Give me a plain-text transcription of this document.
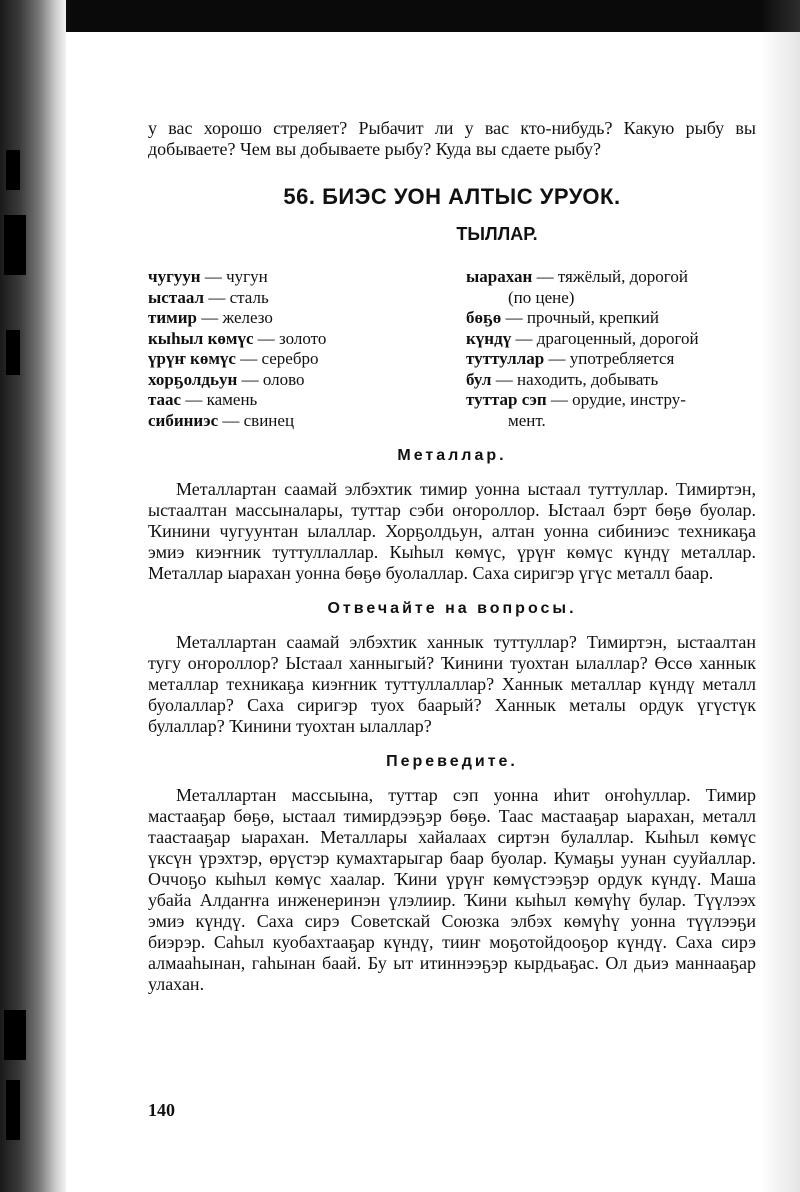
у вас хорошо стреляет? Рыбачит ли у вас кто-нибудь? Какую рыбу вы добываете? Чем вы добываете рыбу? Куда вы сдаете рыбу?

56. БИЭС УОН АЛТЫС УРУОК.
ТЫЛЛАР.
чугуун — чугун
ыстаал — сталь
тимир — железо
кыһыл көмүс — золото
үрүҥ көмүс — серебро
хорҕолдьун — олово
таас — камень
сибиниэс — свинец
ыарахан — тяжёлый, дорогой
(по цене)
бөҕө — прочный, крепкий
күндү — драгоценный, дорогой
туттуллар — употребляется
бул — находить, добывать
туттар сэп — орудие, инстру-
мент.
Металлар.

Металлартан саамай элбэхтик тимир уонна ыстаал туттуллар. Тимиртэн, ыстаалтан массыналары, туттар сэби оҥороллор. Ыстаал бэрт бөҕө буолар. Ҡинини чугуунтан ылаллар. Хорҕолдьун, алтан уонна сибиниэс техникаҕа эмиэ киэҥник туттуллаллар. Кыһыл көмүс, үрүҥ көмүс күндү металлар. Металлар ыарахан уонна бөҕө буолаллар. Саха сиригэр үгүс металл баар.

Отвечайте на вопросы.

Металлартан саамай элбэхтик ханнык туттуллар? Тимиртэн, ыстаалтан тугу оҥороллор? Ыстаал ханныгый? Ҡинини туохтан ылаллар? Өссө ханнык металлар техникаҕа киэҥник туттуллаллар? Ханнык металлар күндү металл буолаллар? Саха сиригэр туох баарый? Ханнык металы ордук үгүстүк булаллар? Ҡинини туохтан ылаллар?

Переведите.

Металлартан массыына, туттар сэп уонна иһит оҥоһуллар. Тимир мастааҕар бөҕө, ыстаал тимирдээҕэр бөҕө. Таас мастааҕар ыарахан, металл таастааҕар ыарахан. Металлары хайалаах сиртэн булаллар. Кыһыл көмүс үксүн үрэхтэр, өрүстэр кумахтарыгар баар буолар. Кумаҕы уунан сууйаллар. Оччоҕо кыһыл көмүс хаалар. Ҡини үрүҥ көмүстээҕэр ордук күндү. Маша убайа Алдаҥҥа инженеринэн үлэлиир. Ҡини кыһыл көмүһү булар. Түүлээх эмиэ күндү. Саха сирэ Советскай Союзка элбэх көмүһү уонна түүлээҕи биэрэр. Саһыл куобахтааҕар күндү, тииҥ моҕотойдооҕор күндү. Саха сирэ алмааһынан, гаһынан баай. Бу ыт итиннээҕэр кырдьаҕас. Ол дьиэ маннааҕар улахан.

140
